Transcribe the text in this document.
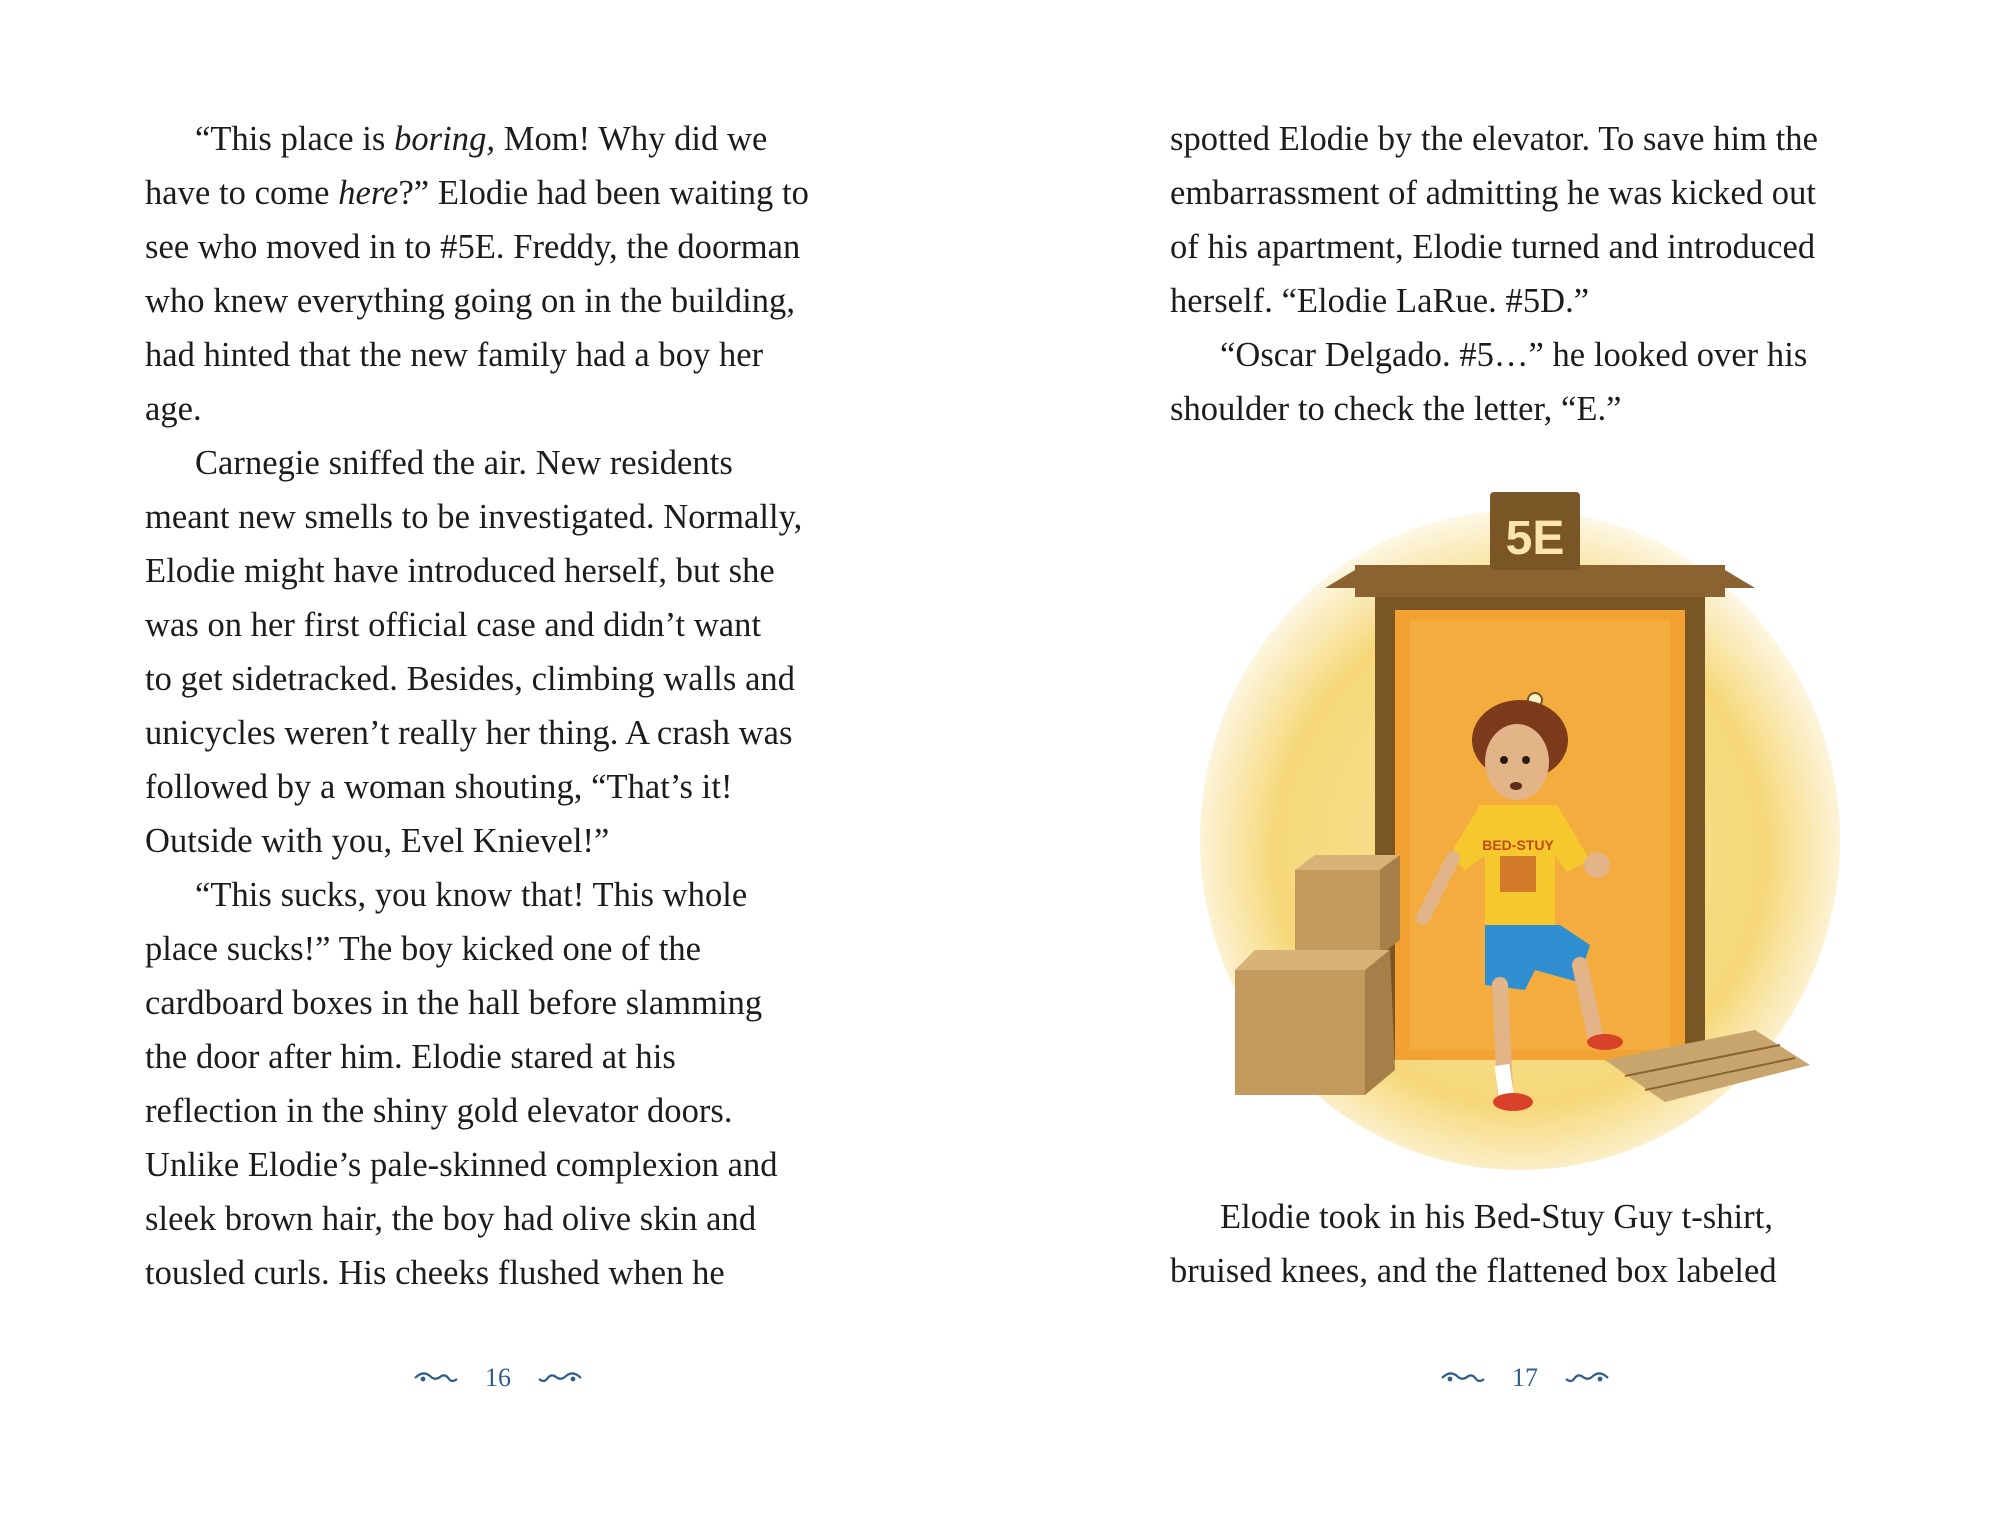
“This place is boring, Mom! Why did we
have to come here?” Elodie had been waiting to
see who moved in to #5E. Freddy, the doorman
who knew everything going on in the building,
had hinted that the new family had a boy her
age.
Carnegie sniffed the air. New residents
meant new smells to be investigated. Normally,
Elodie might have introduced herself, but she
was on her first official case and didn’t want
to get sidetracked. Besides, climbing walls and
unicycles weren’t really her thing. A crash was
followed by a woman shouting, “That’s it!
Outside with you, Evel Knievel!”
“This sucks, you know that! This whole
place sucks!” The boy kicked one of the
cardboard boxes in the hall before slamming
the door after him. Elodie stared at his
reflection in the shiny gold elevator doors.
Unlike Elodie’s pale-skinned complexion and
sleek brown hair, the boy had olive skin and
tousled curls. His cheeks flushed when he
16
spotted Elodie by the elevator. To save him the
embarrassment of admitting he was kicked out
of his apartment, Elodie turned and introduced
herself. “Elodie LaRue. #5D.”
“Oscar Delgado. #5…” he looked over his
shoulder to check the letter, “E.”
Elodie took in his Bed-Stuy Guy t-shirt,
bruised knees, and the flattened box labeled
17
5E
BED-STUY
